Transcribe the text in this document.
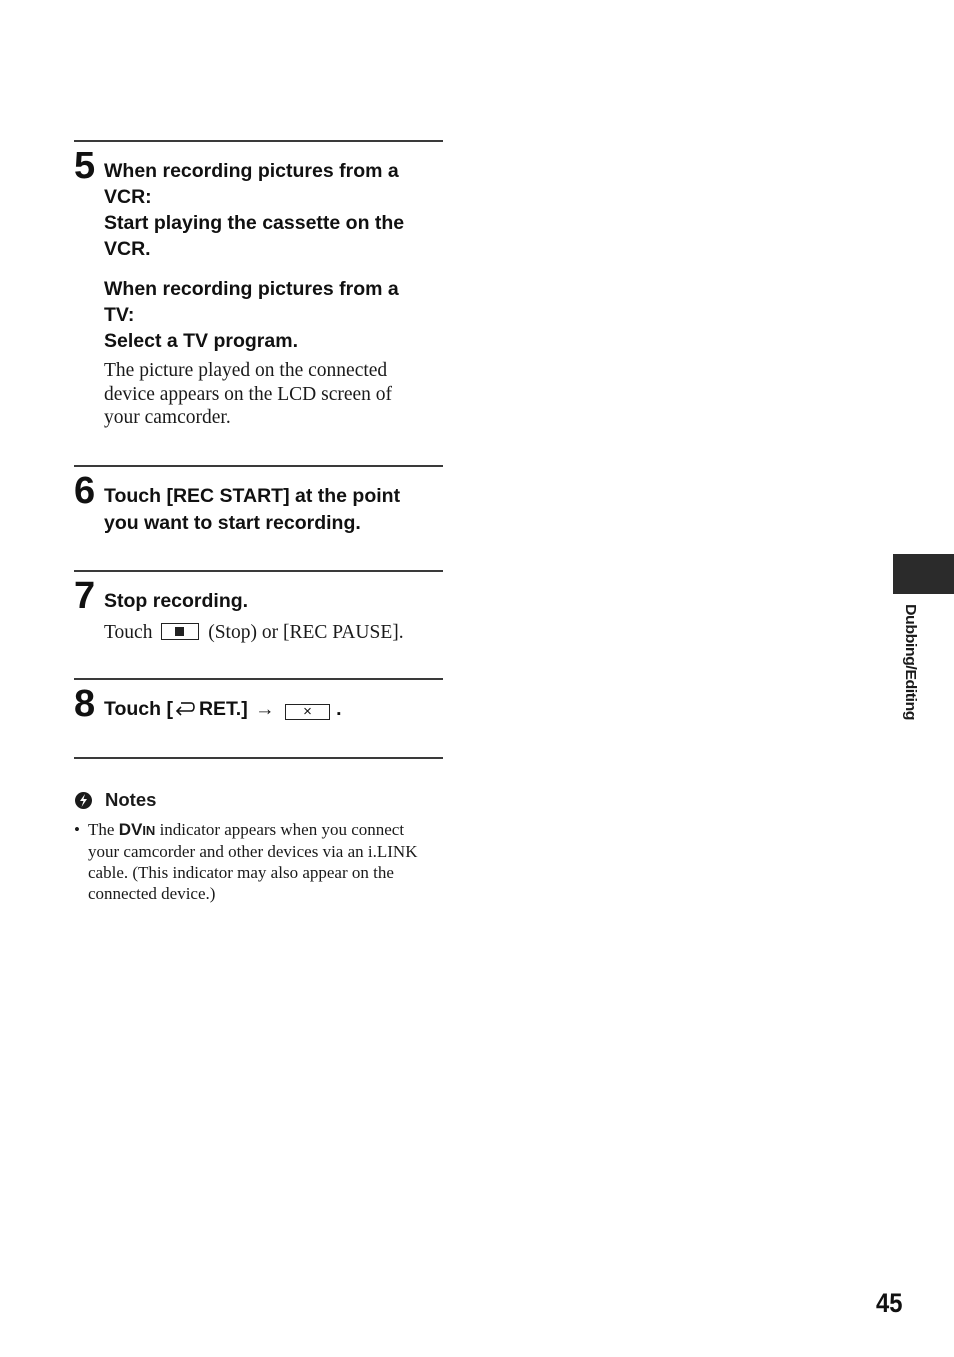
5 When recording pictures from a
VCR:
Start playing the cassette on the
VCR.

When recording pictures from a
TV:
Select a TV program.

The picture played on the connected
device appears on the LCD screen of
your camcorder.

6 Touch [REC START] at the point
you want to start recording.

7 Stop recording.

Touch	(Stop) or [REC PAUSE].

8 Touch [ RET.] → × .

Notes
• The DVIN indicator appears when you connect
your camcorder and other devices via an i.LINK
cable. (This indicator may also appear on the
connected device.)
Dubbing/Editing
45
